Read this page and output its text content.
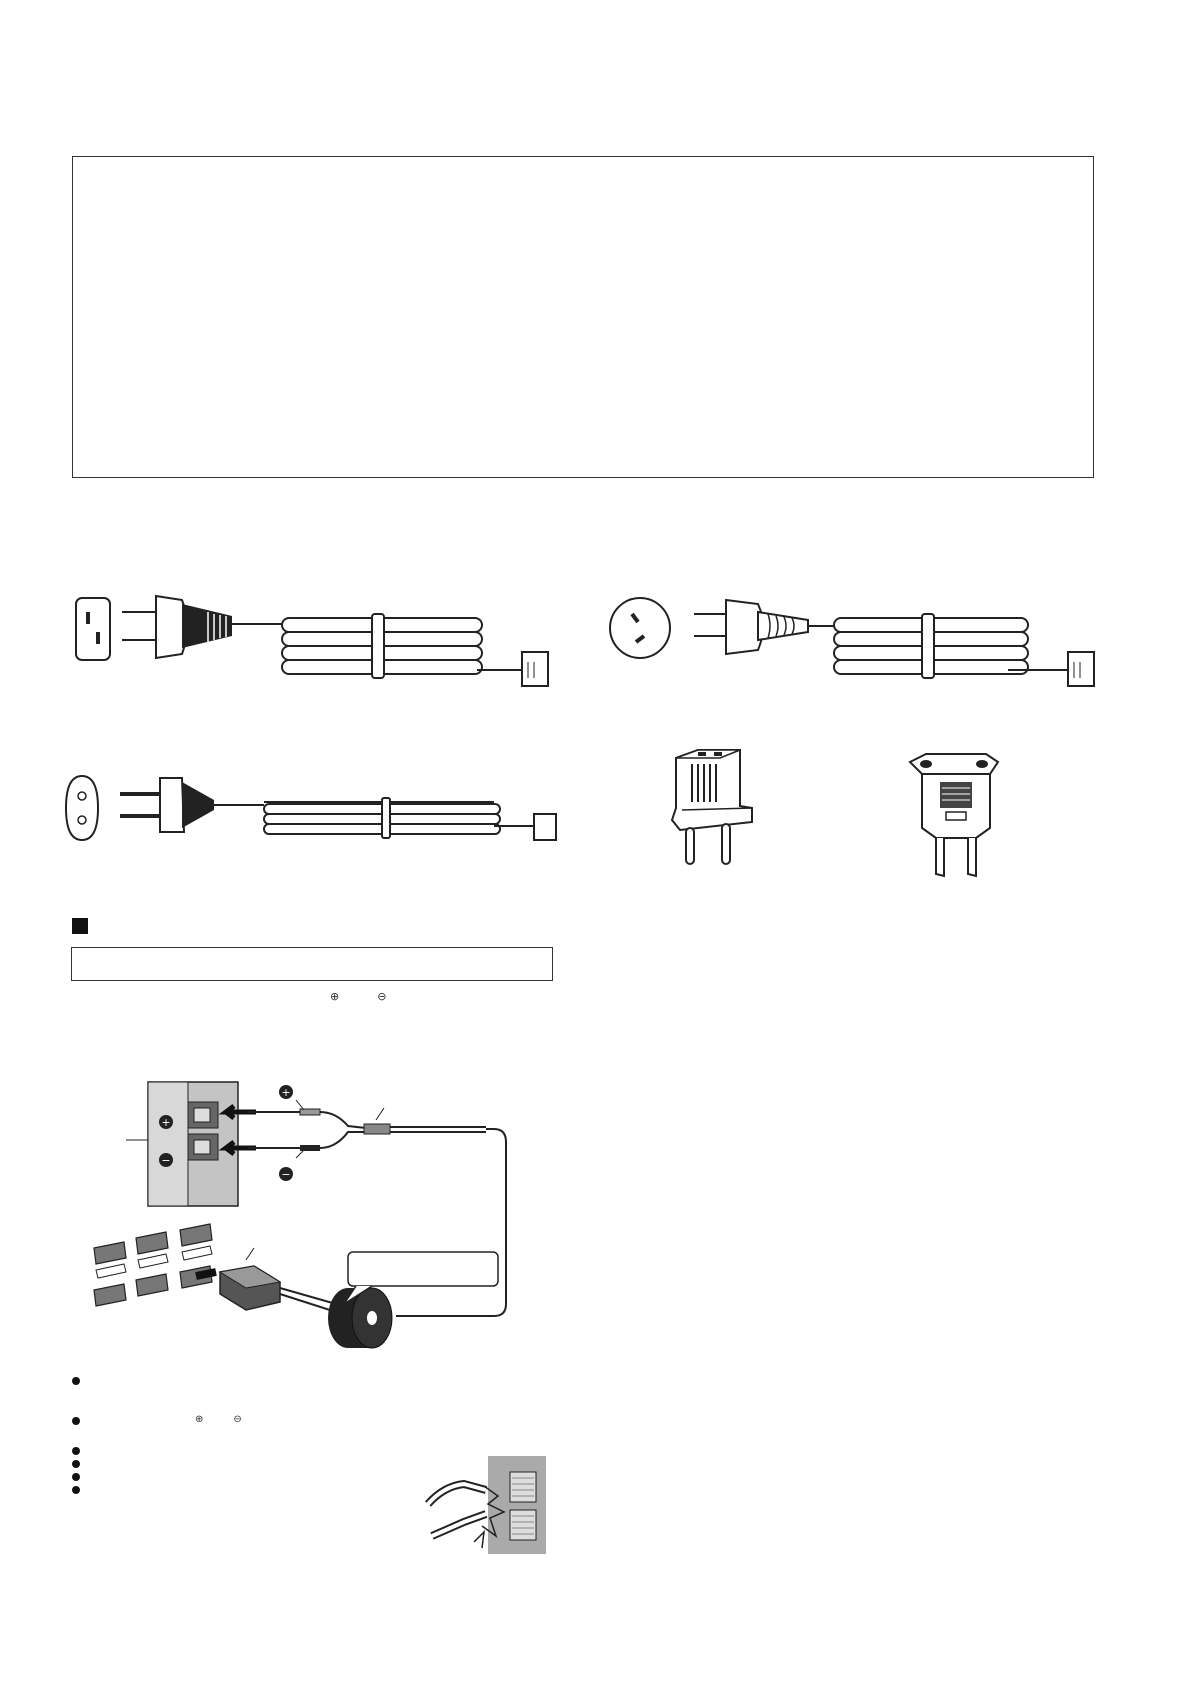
⊕⊖
+
−
+
−
⊕⊖
